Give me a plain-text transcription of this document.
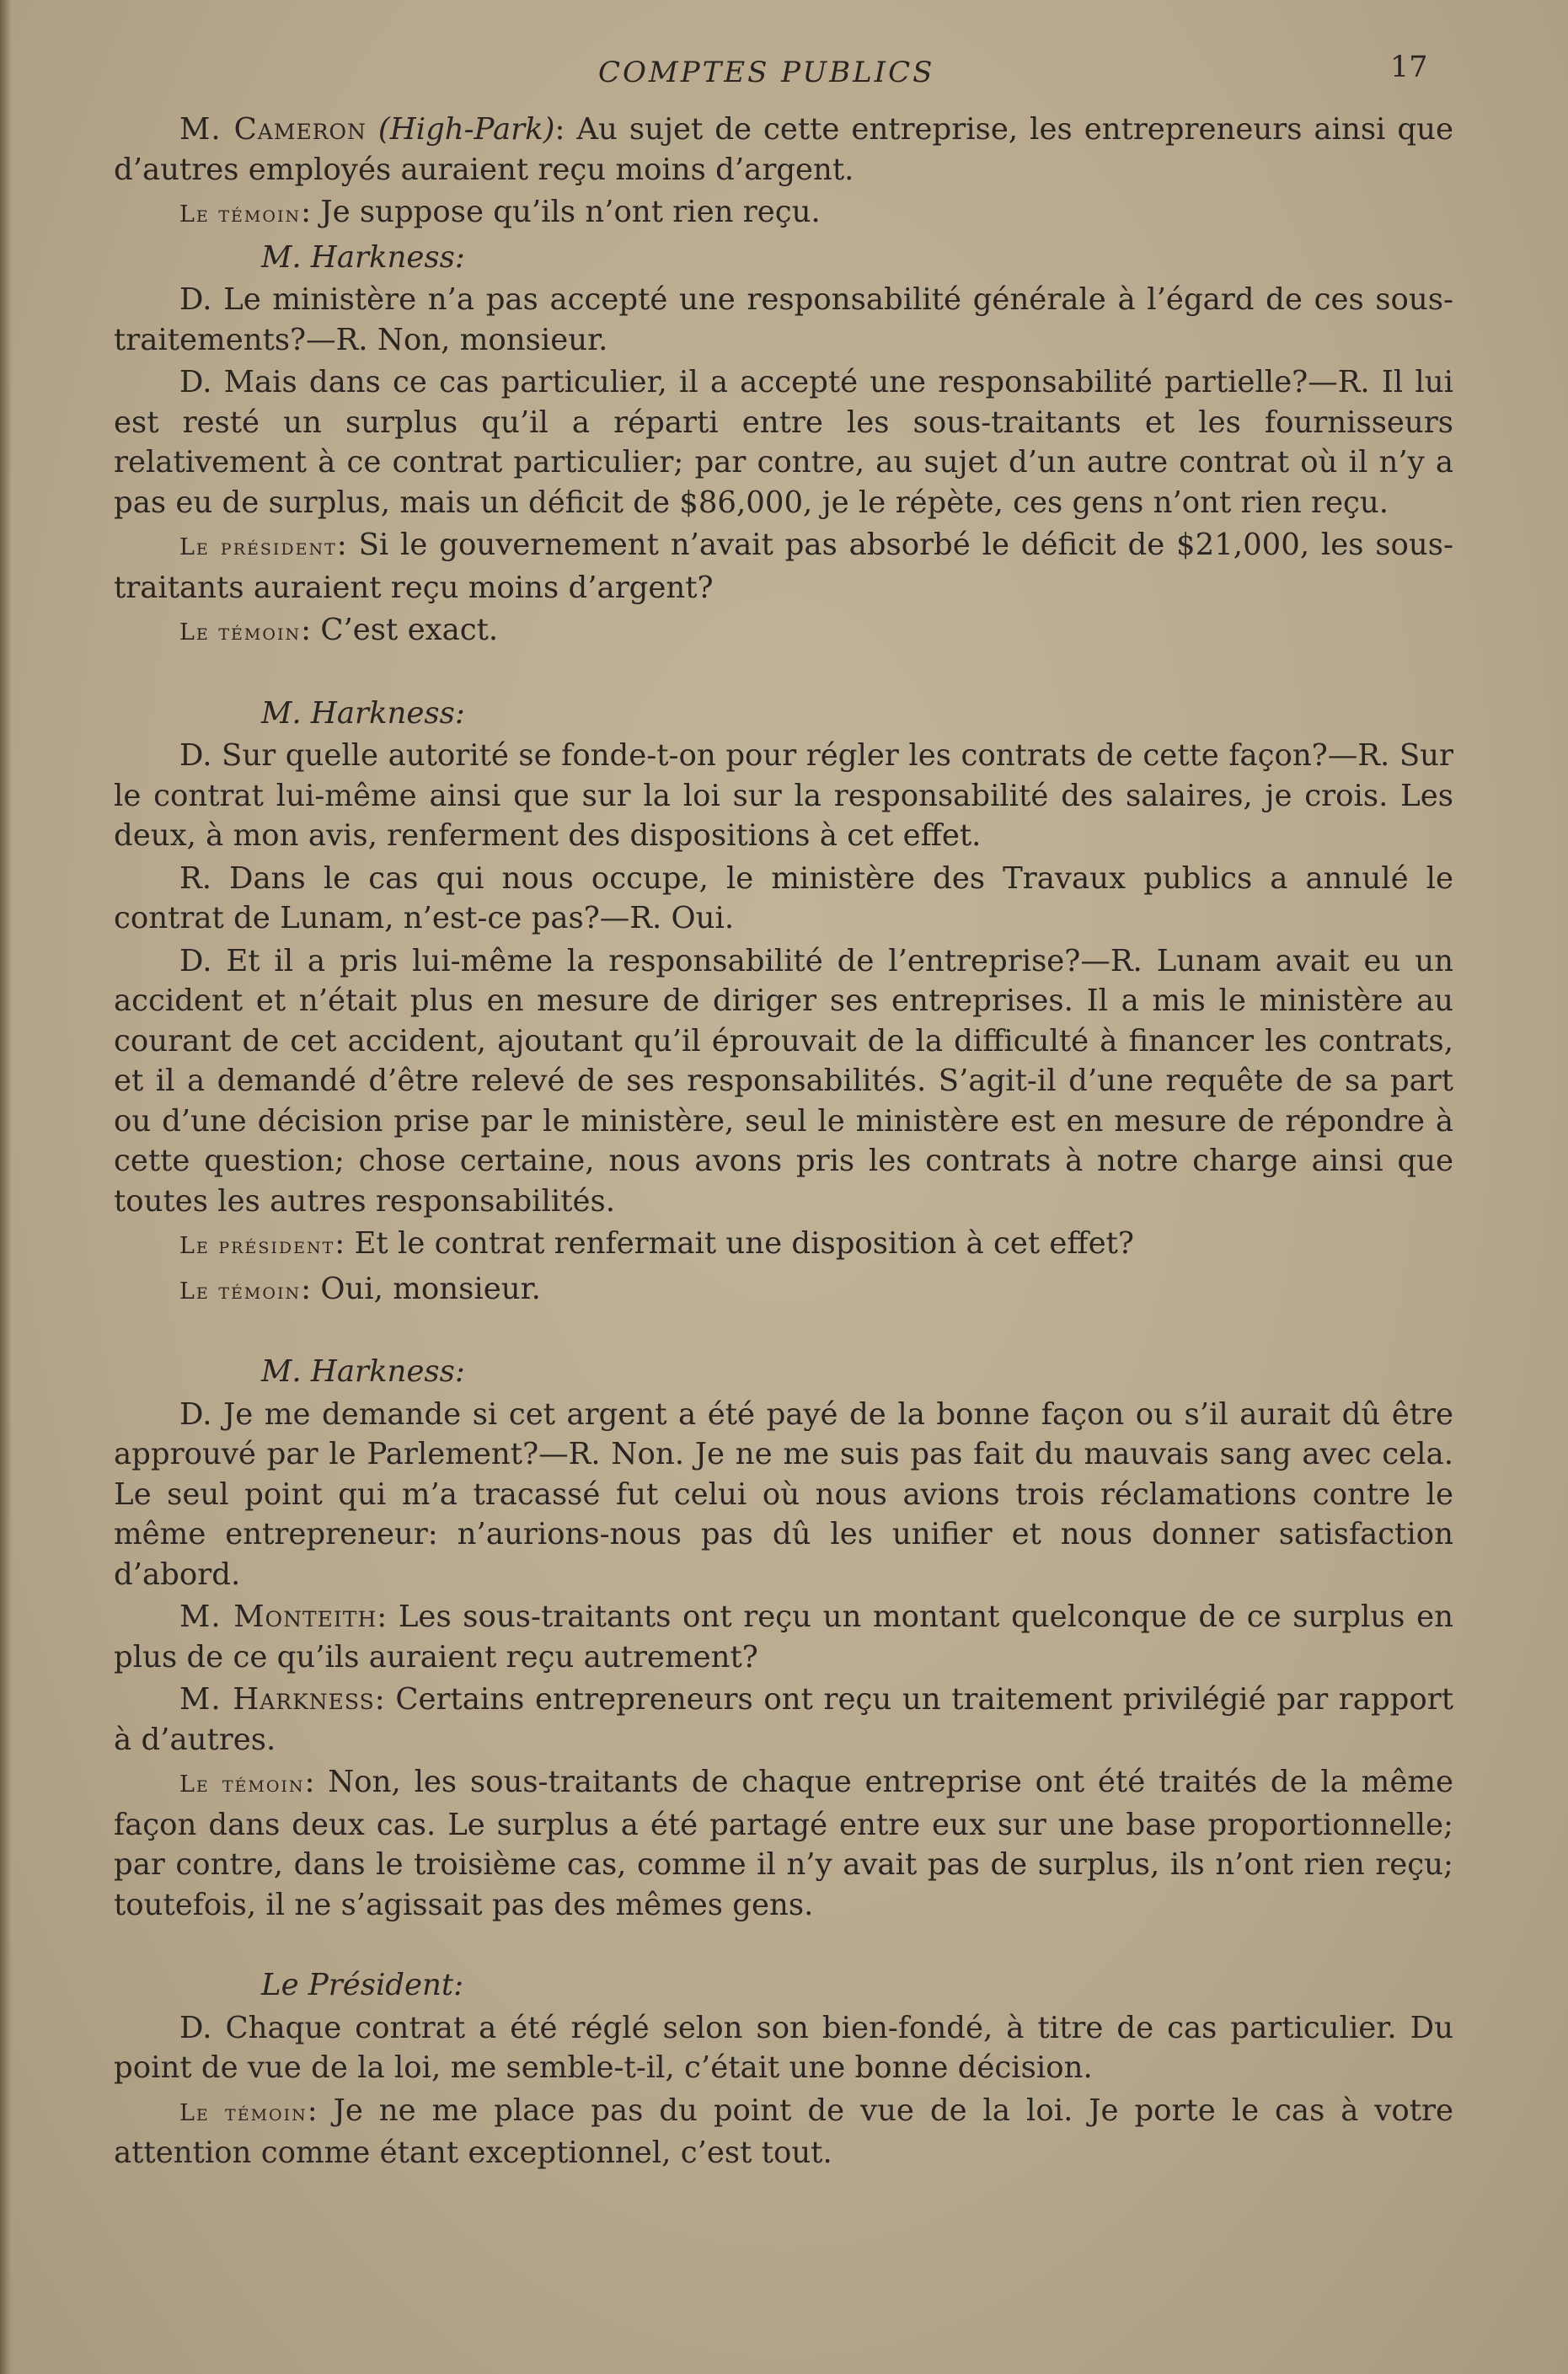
COMPTES PUBLICS	17

M. Cameron (High-Park): Au sujet de cette entreprise, les entrepreneurs ainsi que d’autres employés auraient reçu moins d’argent.

Le témoin: Je suppose qu’ils n’ont rien reçu.

M. Harkness:

D. Le ministère n’a pas accepté une responsabilité générale à l’égard de ces sous-traitements?—R. Non, monsieur.

D. Mais dans ce cas particulier, il a accepté une responsabilité partielle?—R. Il lui est resté un surplus qu’il a réparti entre les sous-traitants et les fournisseurs relativement à ce contrat particulier; par contre, au sujet d’un autre contrat où il n’y a pas eu de surplus, mais un déficit de $86,000, je le répète, ces gens n’ont rien reçu.

Le président: Si le gouvernement n’avait pas absorbé le déficit de $21,000, les sous-traitants auraient reçu moins d’argent?

Le témoin: C’est exact.

M. Harkness:

D. Sur quelle autorité se fonde-t-on pour régler les contrats de cette façon?—R. Sur le contrat lui-même ainsi que sur la loi sur la responsabilité des salaires, je crois. Les deux, à mon avis, renferment des dispositions à cet effet.

R. Dans le cas qui nous occupe, le ministère des Travaux publics a annulé le contrat de Lunam, n’est-ce pas?—R. Oui.

D. Et il a pris lui-même la responsabilité de l’entreprise?—R. Lunam avait eu un accident et n’était plus en mesure de diriger ses entreprises. Il a mis le ministère au courant de cet accident, ajoutant qu’il éprouvait de la difficulté à financer les contrats, et il a demandé d’être relevé de ses responsabilités. S’agit-il d’une requête de sa part ou d’une décision prise par le ministère, seul le ministère est en mesure de répondre à cette question; chose certaine, nous avons pris les contrats à notre charge ainsi que toutes les autres responsabilités.

Le président: Et le contrat renfermait une disposition à cet effet?

Le témoin: Oui, monsieur.

M. Harkness:

D. Je me demande si cet argent a été payé de la bonne façon ou s’il aurait dû être approuvé par le Parlement?—R. Non. Je ne me suis pas fait du mauvais sang avec cela. Le seul point qui m’a tracassé fut celui où nous avions trois réclamations contre le même entrepreneur: n’aurions-nous pas dû les unifier et nous donner satisfaction d’abord.

M. Monteith: Les sous-traitants ont reçu un montant quelconque de ce surplus en plus de ce qu’ils auraient reçu autrement?

M. Harkness: Certains entrepreneurs ont reçu un traitement privilégié par rapport à d’autres.

Le témoin: Non, les sous-traitants de chaque entreprise ont été traités de la même façon dans deux cas. Le surplus a été partagé entre eux sur une base proportionnelle; par contre, dans le troisième cas, comme il n’y avait pas de surplus, ils n’ont rien reçu; toutefois, il ne s’agissait pas des mêmes gens.

Le Président:

D. Chaque contrat a été réglé selon son bien-fondé, à titre de cas particulier. Du point de vue de la loi, me semble-t-il, c’était une bonne décision.

Le témoin: Je ne me place pas du point de vue de la loi. Je porte le cas à votre attention comme étant exceptionnel, c’est tout.
